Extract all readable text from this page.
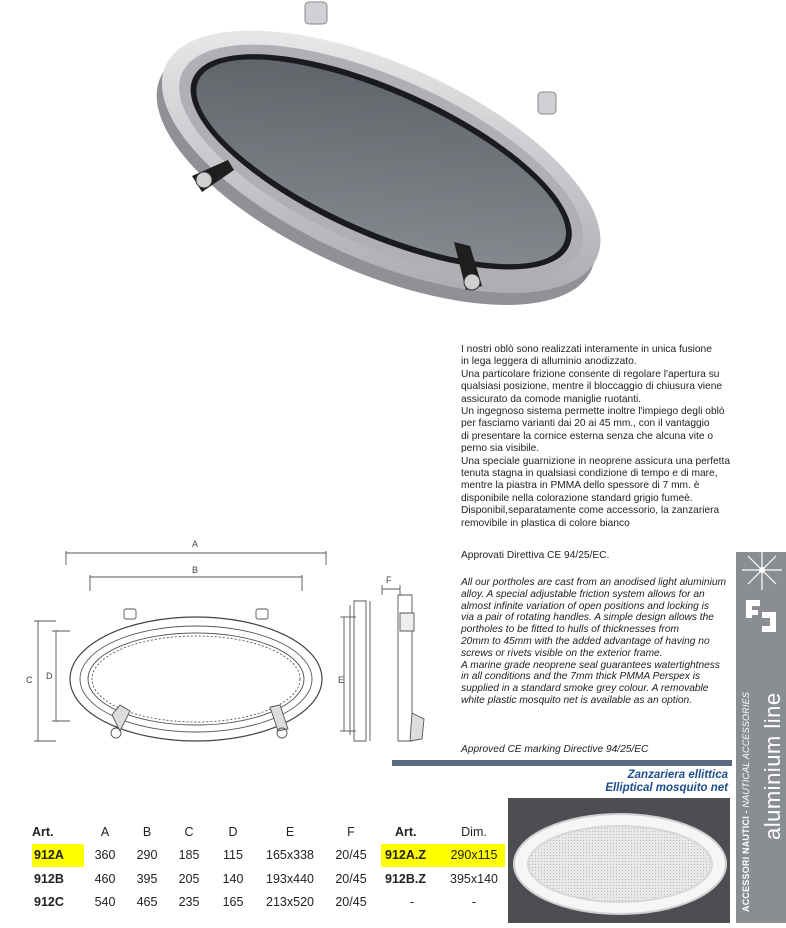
A
B
C D	E
F

I nostri oblò sono realizzati interamente in unica fusione

in lega leggera di alluminio anodizzato.

Una particolare frizione consente di regolare l'apertura su

qualsiasi posizione, mentre il bloccaggio di chiusura viene

assicurato da comode maniglie ruotanti.

Un ingegnoso sistema permette inoltre l'impiego degli oblò

per fasciamo varianti dai 20 ai 45 mm., con il vantaggio

di presentare la cornice esterna senza che alcuna vite o

perno sia visibile.

Una speciale guarnizione in neoprene assicura una perfetta

tenuta stagna in qualsiasi condizione di tempo e di mare,

mentre la piastra in PMMA dello spessore di 7 mm. è

disponibile nella colorazione standard grigio fumeè.

Disponibil,separatamente come accessorio, la zanzariera

removibile in plastica di colore bianco

Approvati Direttiva CE 94/25/EC.
All our portholes are cast from an anodised light aluminium
alloy. A special adjustable friction system allows for an
almost infinite variation of open positions and locking is
via a pair of rotating handles. A simple design allows the
portholes to be fitted to hulls of thicknesses from
20mm to 45mm with the added advantage of having no
screws or rivets visible on the exterior frame.
A marine grade neoprene seal guarantees watertightness
in all conditions and the 7mm thick PMMA Perspex is
supplied in a standard smoke grey colour. A removable
white plastic mosquito net is available as an option.
Approved CE marking Directive 94/25/EC	aluminium line
ACCESSORI NAUTICI - NAUTICAL ACCESSORIES
Zanzariera ellittica
Elliptical mosquito net
Art.	A	B	C	D	E	F
912A	360	290	185	115	165x338	20/45
912B	460	395	205	140	193x440	20/45
912C	540	465	235	165	213x520	20/45
Art.	Dim.
912A.Z	290x115
912B.Z	395x140
-	-
